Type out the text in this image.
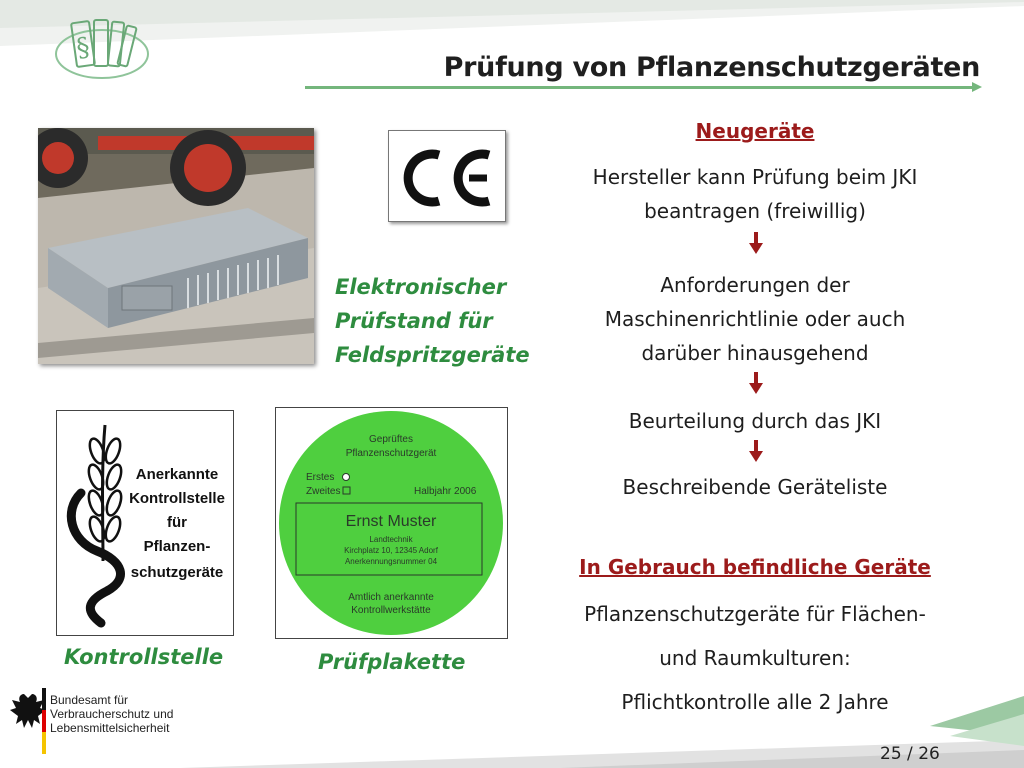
§
Prüfung von Pflanzenschutzgeräten
Elektronischer
Prüfstand für
Feldspritzgeräte
Anerkannte
Kontrollstelle
für
Pflanzen-
schutzgeräte
Geprüftes
Pflanzenschutzgerät
Erstes
Zweites	Halbjahr 2006
Ernst Muster
Landtechnik
Kirchplatz 10, 12345 Adorf
Anerkennungsnummer 04
Amtlich anerkannte
Kontrollwerkstätte
Kontrollstelle	Prüfplakette
Neugeräte
Hersteller kann Prüfung beim JKI
beantragen (freiwillig)
Anforderungen der
Maschinenrichtlinie oder auch
darüber hinausgehend
Beurteilung durch das JKI
Beschreibende Geräteliste
In Gebrauch befindliche Geräte
Pflanzenschutzgeräte für Flächen-
und Raumkulturen:
Pflichtkontrolle alle 2 Jahre
Bundesamt für
Verbraucherschutz und
Lebensmittelsicherheit
25 / 26
